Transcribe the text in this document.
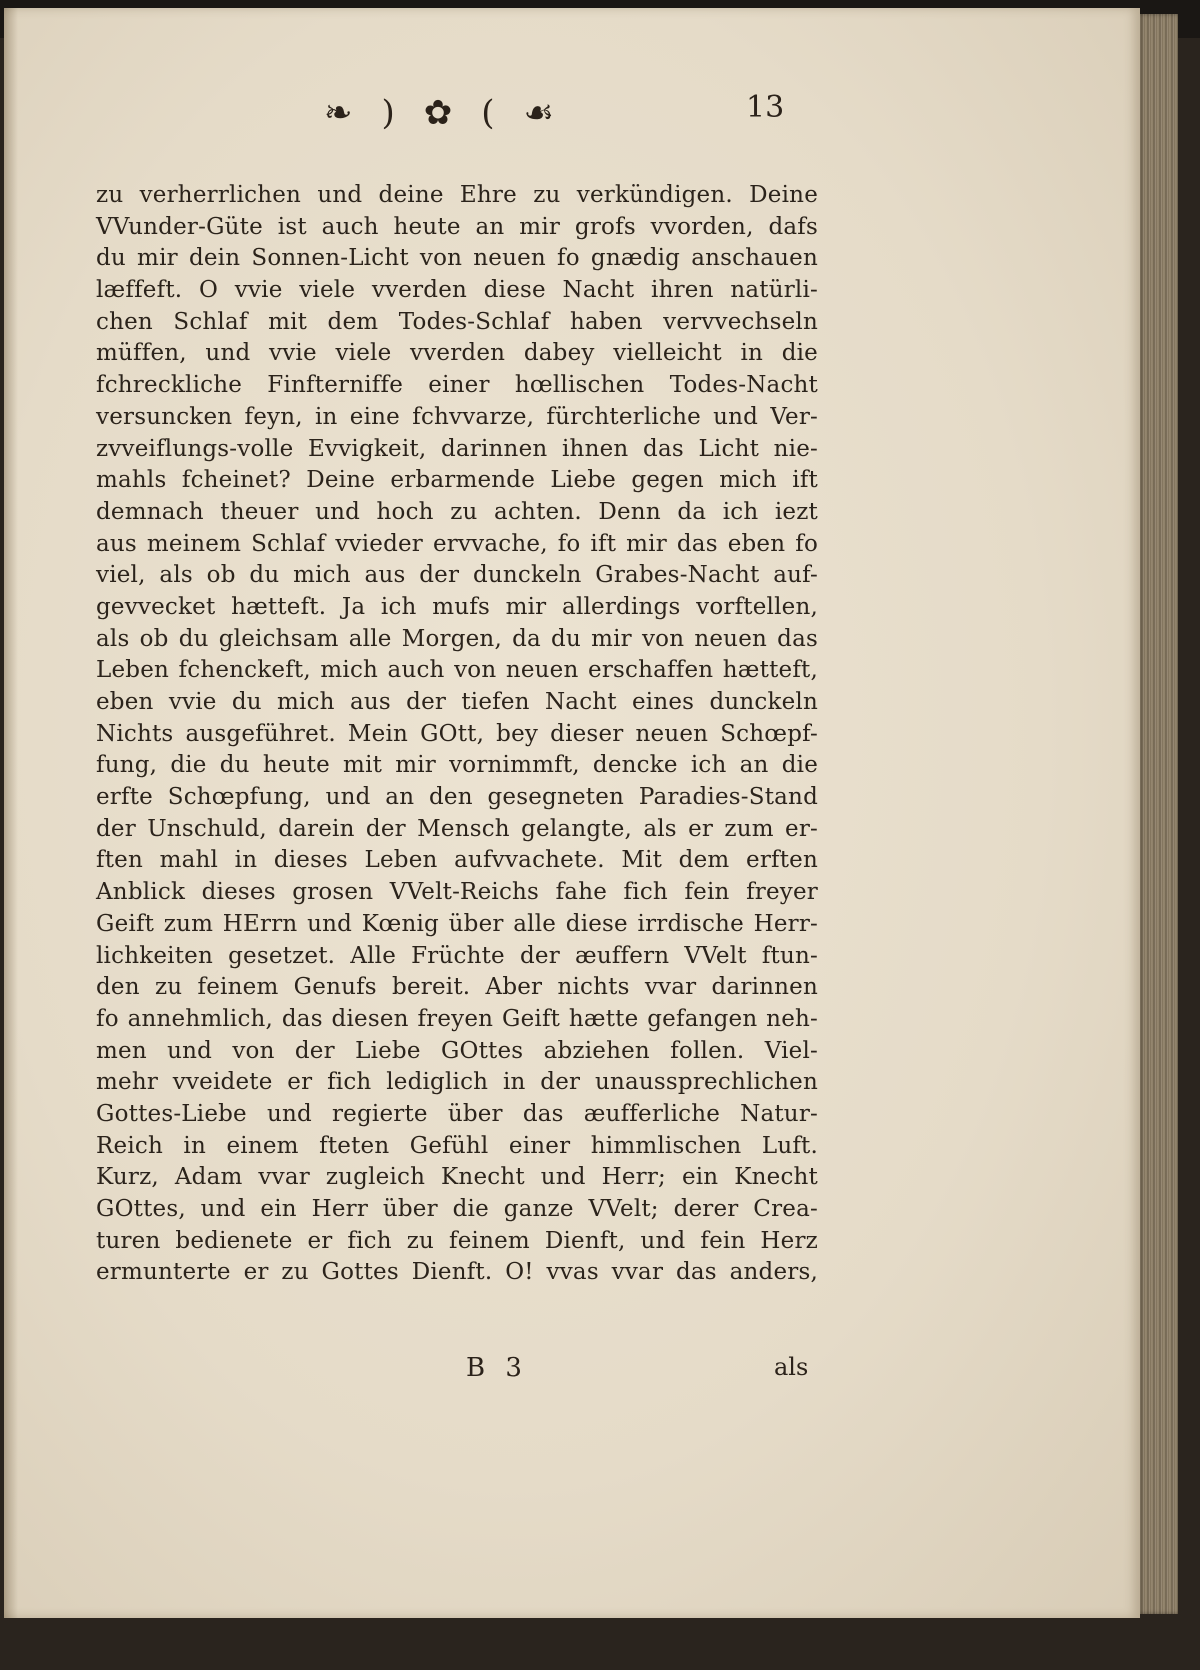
❧ ) ✿ ( ☙	13
zu verherrlichen und deine Ehre zu verkündigen. Deine
VVunder-Güte ist auch heute an mir grofs vvorden, dafs
du mir dein Sonnen-Licht von neuen fo gnædig anschauen
læffeft. O vvie viele vverden diese Nacht ihren natürli-
chen Schlaf mit dem Todes-Schlaf haben vervvechseln
müffen, und vvie viele vverden dabey vielleicht in die
fchreckliche Finfterniffe einer hœllischen Todes-Nacht
versuncken feyn, in eine fchvvarze, fürchterliche und Ver-
zvveiflungs-volle Evvigkeit, darinnen ihnen das Licht nie-
mahls fcheinet? Deine erbarmende Liebe gegen mich ift
demnach theuer und hoch zu achten. Denn da ich iezt
aus meinem Schlaf vvieder ervvache, fo ift mir das eben fo
viel, als ob du mich aus der dunckeln Grabes-Nacht auf-
gevvecket hætteft. Ja ich mufs mir allerdings vorftellen,
als ob du gleichsam alle Morgen, da du mir von neuen das
Leben fchenckeft, mich auch von neuen erschaffen hætteft,
eben vvie du mich aus der tiefen Nacht eines dunckeln
Nichts ausgeführet. Mein GOtt, bey dieser neuen Schœpf-
fung, die du heute mit mir vornimmft, dencke ich an die
erfte Schœpfung, und an den gesegneten Paradies-Stand
der Unschuld, darein der Mensch gelangte, als er zum er-
ften mahl in dieses Leben aufvvachete. Mit dem erften
Anblick dieses grosen VVelt-Reichs fahe fich fein freyer
Geift zum HErrn und Kœnig über alle diese irrdische Herr-
lichkeiten gesetzet. Alle Früchte der æuffern VVelt ftun-
den zu feinem Genufs bereit. Aber nichts vvar darinnen
fo annehmlich, das diesen freyen Geift hætte gefangen neh-
men und von der Liebe GOttes abziehen follen. Viel-
mehr vveidete er fich lediglich in der unaussprechlichen
Gottes-Liebe und regierte über das æufferliche Natur-
Reich in einem fteten Gefühl einer himmlischen Luft.
Kurz, Adam vvar zugleich Knecht und Herr; ein Knecht
GOttes, und ein Herr über die ganze VVelt; derer Crea-
turen bedienete er fich zu feinem Dienft, und fein Herz
ermunterte er zu Gottes Dienft. O! vvas vvar das anders,
B 3	als
